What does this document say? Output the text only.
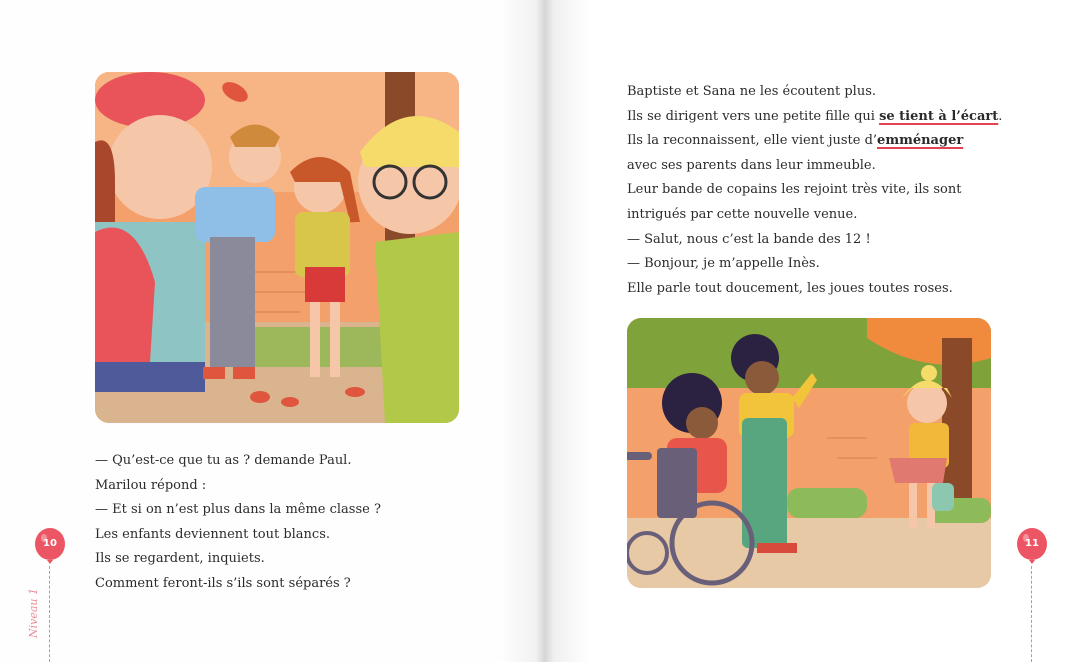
— Qu’est-ce que tu as ? demande Paul.
Marilou répond :
— Et si on n’est plus dans la même classe ?
Les enfants deviennent tout blancs.
Ils se regardent, inquiets.
Comment feront-ils s’ils sont séparés ?
10
Niveau 1
Baptiste et Sana ne les écoutent plus.
Ils se dirigent vers une petite fille qui se tient à l’écart.
Ils la reconnaissent, elle vient juste d’emménager
avec ses parents dans leur immeuble.
Leur bande de copains les rejoint très vite, ils sont
intrigués par cette nouvelle venue.
— Salut, nous c’est la bande des 12 !
— Bonjour, je m’appelle Inès.
Elle parle tout doucement, les joues toutes roses.
11
